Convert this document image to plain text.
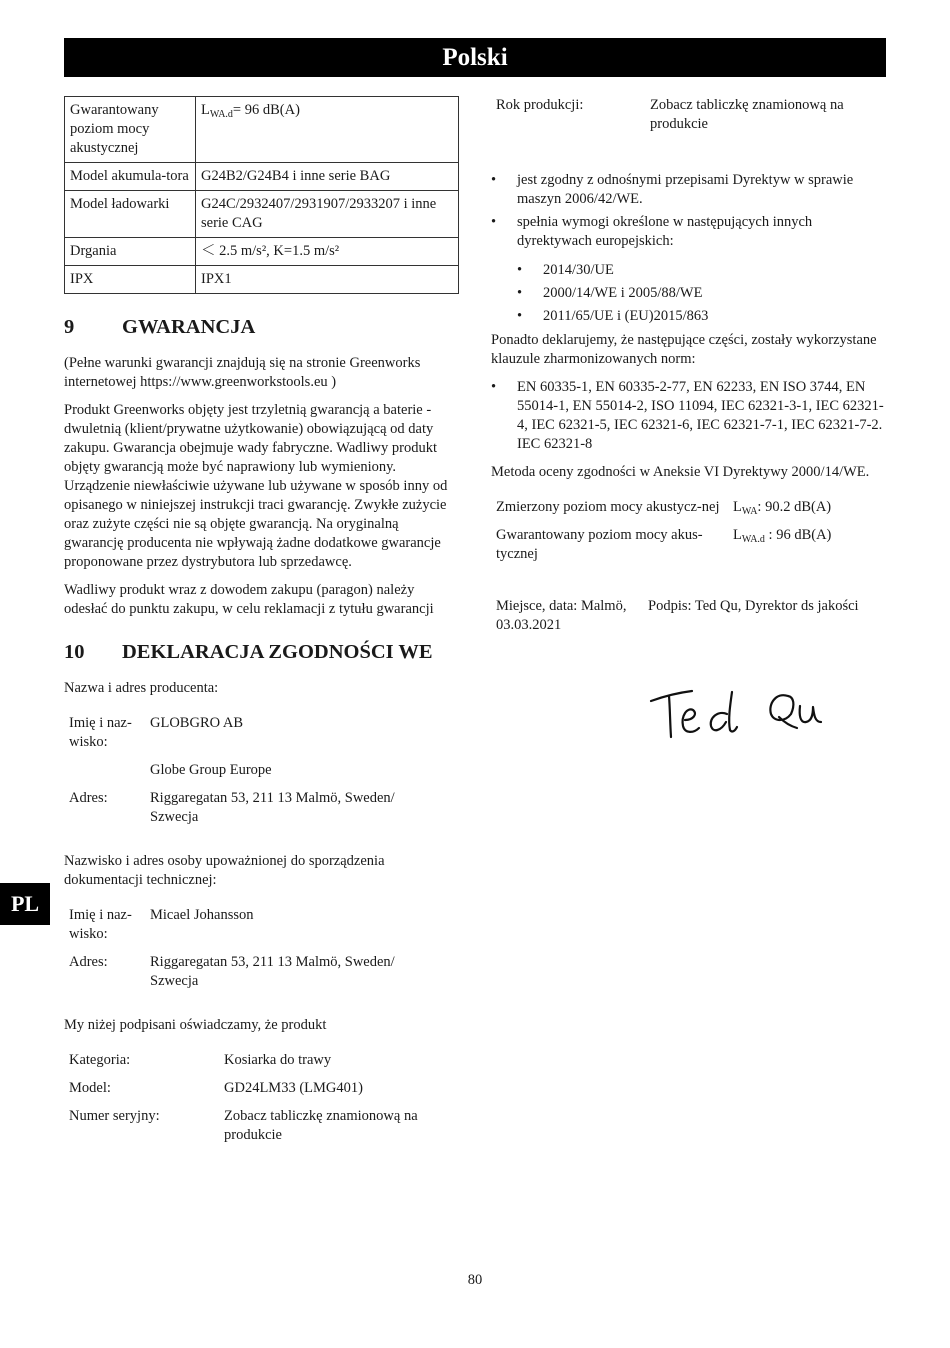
Polski
PL
Gwarantowany poziom mocy akustycznej	$L_{WA.d}= 96$ dB(A)
Model akumula-tora	G24B2/G24B4 i inne serie BAG
Model ładowarki	G24C/2932407/2931907/2933207 i inne serie CAG
Drgania	＜ 2.5 m/s², K=1.5 m/s²
IPX	IPX1
9	GWARANCJA

(Pełne warunki gwarancji znajdują się na stronie Greenworks internetowej https://www.greenworkstools.eu )

Produkt Greenworks objęty jest trzyletnią gwarancją a baterie - dwuletnią (klient/prywatne użytkowanie) obowiązującą od daty zakupu. Gwarancja obejmuje wady fabryczne. Wadliwy produkt objęty gwarancją może być naprawiony lub wymieniony. Urządzenie niewłaściwie używane lub używane w sposób inny od opisanego w niniejszej instrukcji traci gwarancję. Zwykłe zużycie oraz zużyte części nie są objęte gwarancją. Na oryginalną gwarancję producenta nie wpływają żadne dodatkowe gwarancje proponowane przez dystrybutora lub sprzedawcę.

Wadliwy produkt wraz z dowodem zakupu (paragon) należy odesłać do punktu zakupu, w celu reklamacji z tytułu gwarancji

10	DEKLARACJA ZGODNOŚCI WE

Nazwa i adres producenta:

Imię i naz-wisko:	GLOBGRO AB
	Globe Group Europe
Adres:	Riggaregatan 53, 211 13 Malmö, Sweden/ Szwecja

Nazwisko i adres osoby upoważnionej do sporządzenia dokumentacji technicznej:

Imię i naz-wisko:	Micael Johansson
Adres:	Riggaregatan 53, 211 13 Malmö, Sweden/ Szwecja

My niżej podpisani oświadczamy, że produkt

Kategoria:	Kosiarka do trawy
Model:	GD24LM33 (LMG401)
Numer seryjny:	Zobacz tabliczkę znamionową na produkcie
Rok produkcji:	Zobacz tabliczkę znamionową na produkcie
• jest zgodny z odnośnymi przepisami Dyrektyw w sprawie maszyn 2006/42/WE.
• spełnia wymogi określone w następujących innych dyrektywach europejskich:
• 2014/30/UE
• 2000/14/WE i 2005/88/WE
• 2011/65/UE i (EU)2015/863

Ponadto deklarujemy, że następujące części, zostały wykorzystane klauzule zharmonizowanych norm:

• EN 60335-1, EN 60335-2-77, EN 62233, EN ISO 3744, EN 55014-1, EN 55014-2, ISO 11094, IEC 62321-3-1, IEC 62321-4, IEC 62321-5, IEC 62321-6, IEC 62321-7-1, IEC 62321-7-2. IEC 62321-8

Metoda oceny zgodności w Aneksie VI Dyrektywy 2000/14/WE.

Zmierzony poziom mocy akustycz-nej	$L_{WA}$: 90.2 dB(A)
Gwarantowany poziom mocy akus-tycznej	$L_{WA.d}$ : 96 dB(A)
Miejsce, data: Malmö, 03.03.2021	Podpis: Ted Qu, Dyrektor ds jakości
80
